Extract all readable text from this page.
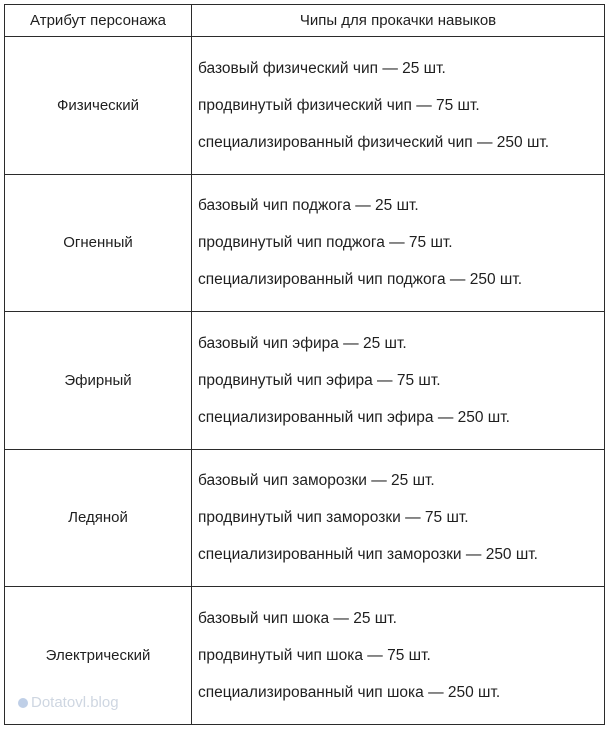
Атрибут персонажа	Чипы для прокачки навыков
Физический	базовый физический чип — 25 шт.
продвинутый физический чип — 75 шт.
специализированный физический чип — 250 шт.

Огненный	базовый чип поджога — 25 шт.
продвинутый чип поджога — 75 шт.
специализированный чип поджога — 250 шт.

Эфирный	базовый чип эфира — 25 шт.
продвинутый чип эфира — 75 шт.
специализированный чип эфира — 250 шт.

Ледяной	базовый чип заморозки — 25 шт.
продвинутый чип заморозки — 75 шт.
специализированный чип заморозки — 250 шт.

Электрический	базовый чип шока — 25 шт.
продвинутый чип шока — 75 шт.
специализированный чип шока — 250 шт.
Dotatovl.blog
